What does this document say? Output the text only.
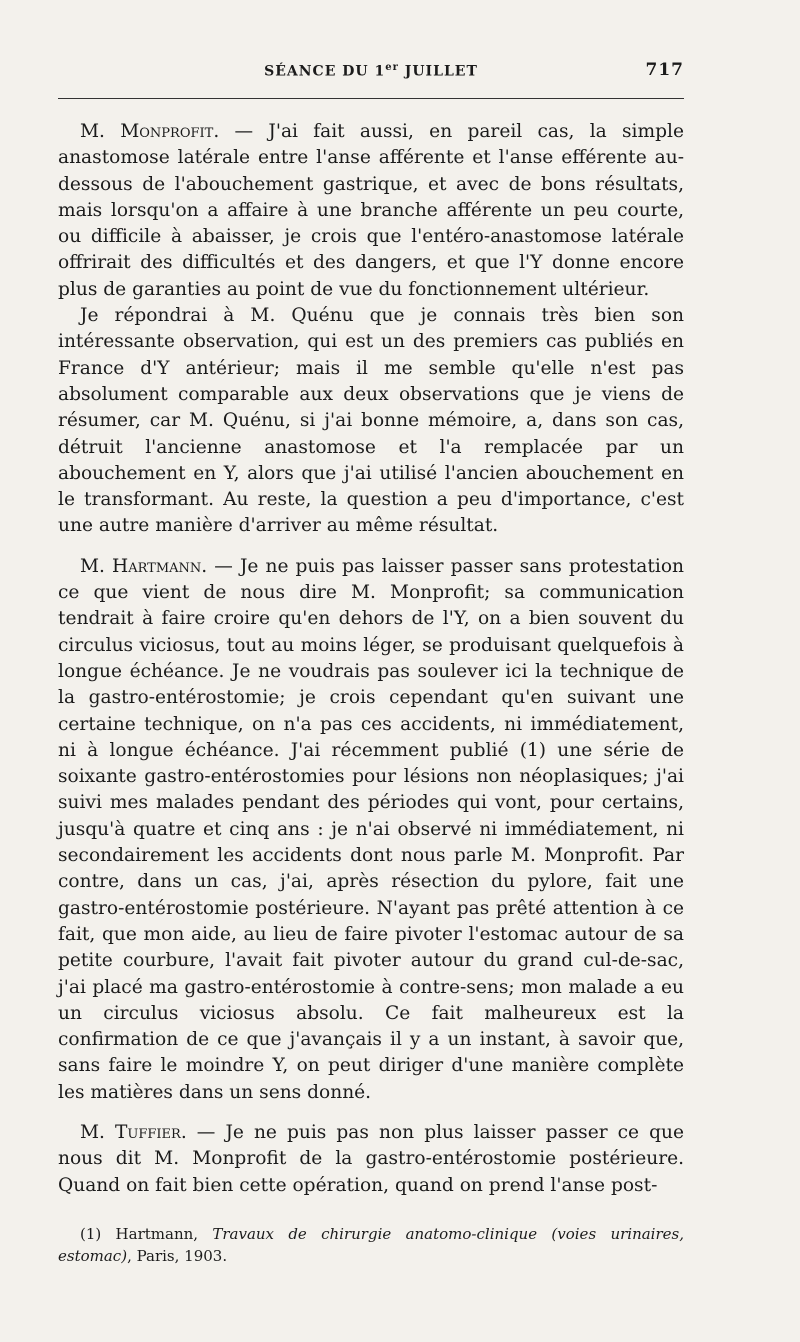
SÉANCE DU 1er JUILLET	717

M. Monprofit. — J'ai fait aussi, en pareil cas, la simple anastomose latérale entre l'anse afférente et l'anse efférente au-dessous de l'abouchement gastrique, et avec de bons résultats, mais lorsqu'on a affaire à une branche afférente un peu courte, ou difficile à abaisser, je crois que l'entéro-anastomose latérale offrirait des difficultés et des dangers, et que l'Y donne encore plus de garanties au point de vue du fonctionnement ultérieur.

Je répondrai à M. Quénu que je connais très bien son intéressante observation, qui est un des premiers cas publiés en France d'Y antérieur; mais il me semble qu'elle n'est pas absolument comparable aux deux observations que je viens de résumer, car M. Quénu, si j'ai bonne mémoire, a, dans son cas, détruit l'ancienne anastomose et l'a remplacée par un abouchement en Y, alors que j'ai utilisé l'ancien abouchement en le transformant. Au reste, la question a peu d'importance, c'est une autre manière d'arriver au même résultat.

M. Hartmann. — Je ne puis pas laisser passer sans protestation ce que vient de nous dire M. Monprofit; sa communication tendrait à faire croire qu'en dehors de l'Y, on a bien souvent du circulus viciosus, tout au moins léger, se produisant quelquefois à longue échéance. Je ne voudrais pas soulever ici la technique de la gastro-entérostomie; je crois cependant qu'en suivant une certaine technique, on n'a pas ces accidents, ni immédiatement, ni à longue échéance. J'ai récemment publié (1) une série de soixante gastro-entérostomies pour lésions non néoplasiques; j'ai suivi mes malades pendant des périodes qui vont, pour certains, jusqu'à quatre et cinq ans : je n'ai observé ni immédiatement, ni secondairement les accidents dont nous parle M. Monprofit. Par contre, dans un cas, j'ai, après résection du pylore, fait une gastro-entérostomie postérieure. N'ayant pas prêté attention à ce fait, que mon aide, au lieu de faire pivoter l'estomac autour de sa petite courbure, l'avait fait pivoter autour du grand cul-de-sac, j'ai placé ma gastro-entérostomie à contre-sens; mon malade a eu un circulus viciosus absolu. Ce fait malheureux est la confirmation de ce que j'avançais il y a un instant, à savoir que, sans faire le moindre Y, on peut diriger d'une manière complète les matières dans un sens donné.

M. Tuffier. — Je ne puis pas non plus laisser passer ce que nous dit M. Monprofit de la gastro-entérostomie postérieure. Quand on fait bien cette opération, quand on prend l'anse post-

(1) Hartmann, Travaux de chirurgie anatomo-clinique (voies urinaires, estomac), Paris, 1903.
